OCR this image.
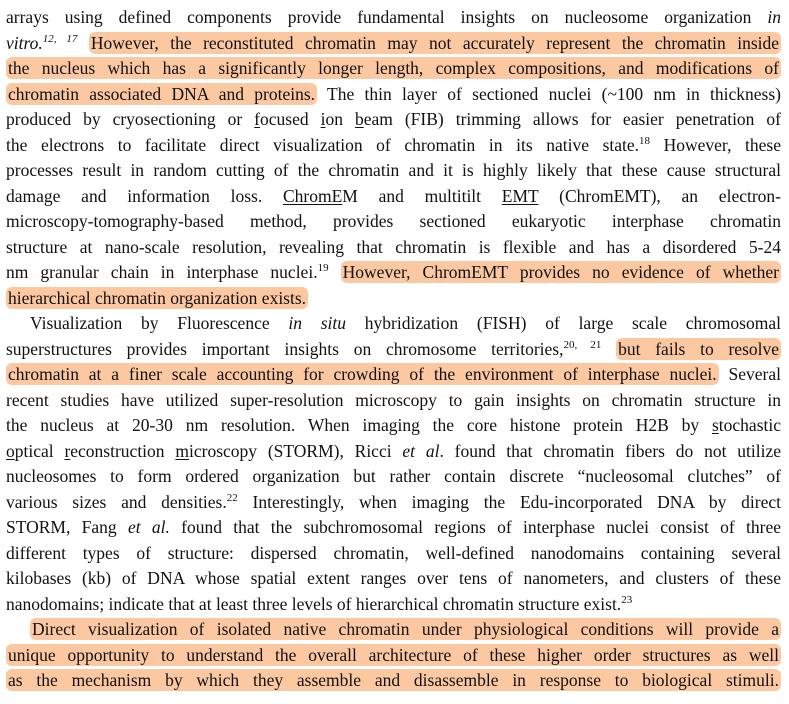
arrays using defined components provide fundamental insights on nucleosome organization in
vitro.$^{12, 17}$ However, the reconstituted chromatin may not accurately represent the chromatin inside
the nucleus which has a significantly longer length, complex compositions, and modifications of
chromatin associated DNA and proteins. The thin layer of sectioned nuclei (~100 nm in thickness)
produced by cryosectioning or focused ion beam (FIB) trimming allows for easier penetration of
the electrons to facilitate direct visualization of chromatin in its native state.$^{18}$ However, these
processes result in random cutting of the chromatin and it is highly likely that these cause structural
damage and information loss. ChromEM and multitilt EMT (ChromEMT), an electron-
microscopy-tomography-based method, provides sectioned eukaryotic interphase chromatin
structure at nano-scale resolution, revealing that chromatin is flexible and has a disordered 5-24
nm granular chain in interphase nuclei.$^{19}$ However, ChromEMT provides no evidence of whether
hierarchical chromatin organization exists.
Visualization by Fluorescence in situ hybridization (FISH) of large scale chromosomal
superstructures provides important insights on chromosome territories,$^{20, 21}$ but fails to resolve
chromatin at a finer scale accounting for crowding of the environment of interphase nuclei. Several
recent studies have utilized super-resolution microscopy to gain insights on chromatin structure in
the nucleus at 20-30 nm resolution. When imaging the core histone protein H2B by stochastic
optical reconstruction microscopy (STORM), Ricci et al. found that chromatin fibers do not utilize
nucleosomes to form ordered organization but rather contain discrete “nucleosomal clutches” of
various sizes and densities.$^{22}$ Interestingly, when imaging the Edu-incorporated DNA by direct
STORM, Fang et al. found that the subchromosomal regions of interphase nuclei consist of three
different types of structure: dispersed chromatin, well-defined nanodomains containing several
kilobases (kb) of DNA whose spatial extent ranges over tens of nanometers, and clusters of these
nanodomains; indicate that at least three levels of hierarchical chromatin structure exist.$^{23}$
Direct visualization of isolated native chromatin under physiological conditions will provide a
unique opportunity to understand the overall architecture of these higher order structures as well
as the mechanism by which they assemble and disassemble in response to biological stimuli.
